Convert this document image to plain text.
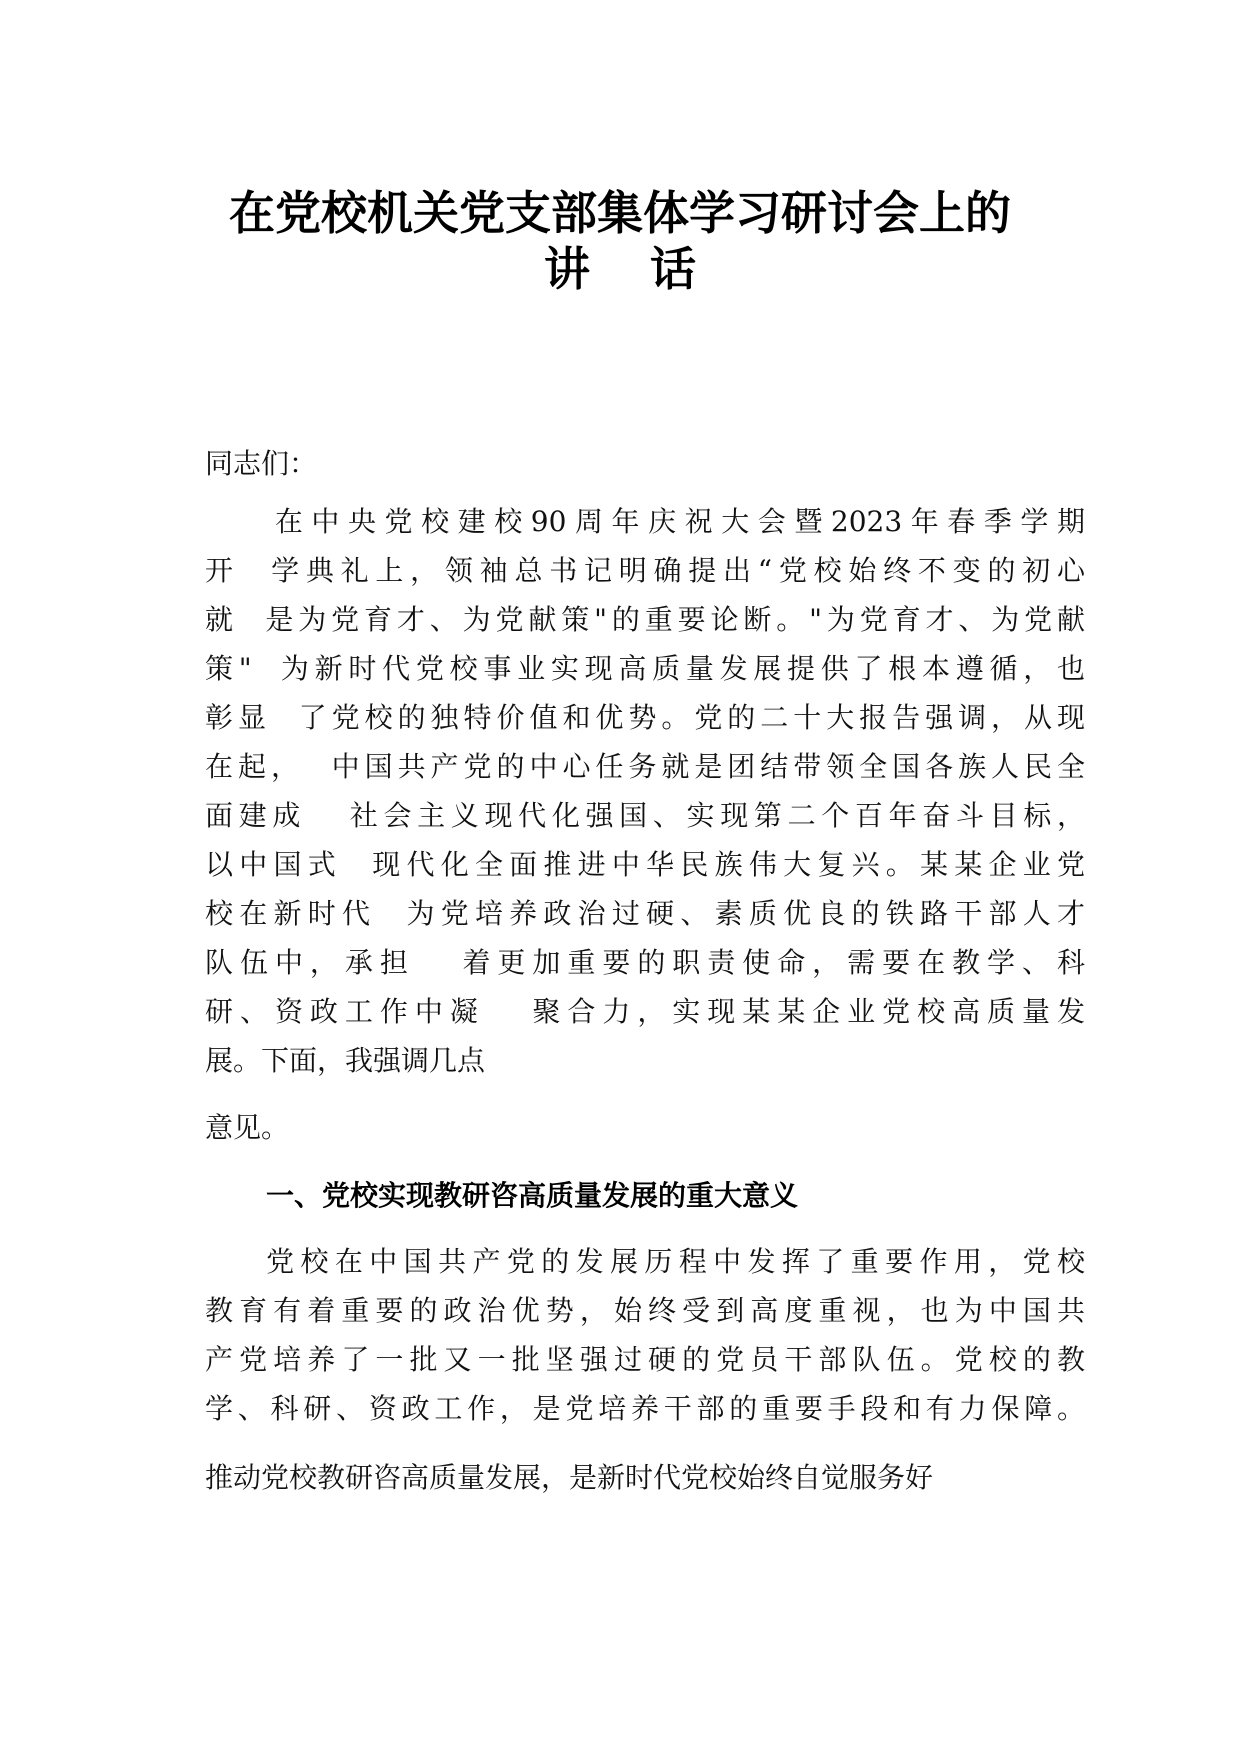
在党校机关党支部集体学习研讨会上的
讲话
同志们：
在中央党校建校90周年庆祝大会暨2023年春季学期
开  学典礼上，领袖总书记明确提出“党校始终不变的初心
就  是为党育才、为党献策"的重要论断。"为党育才、为党献
策"  为新时代党校事业实现高质量发展提供了根本遵循，也
彰显  了党校的独特价值和优势。党的二十大报告强调，从现
在起，  中国共产党的中心任务就是团结带领全国各族人民全
面建成   社会主义现代化强国、实现第二个百年奋斗目标，
以中国式  现代化全面推进中华民族伟大复兴。某某企业党
校在新时代  为党培养政治过硬、素质优良的铁路干部人才
队伍中，承担   着更加重要的职责使命，需要在教学、科
研、资政工作中凝   聚合力，实现某某企业党校高质量发
展。下面，我强调几点
意见。
一、党校实现教研咨高质量发展的重大意义
党校在中国共产党的发展历程中发挥了重要作用，党校
教育有着重要的政治优势，始终受到高度重视，也为中国共
产党培养了一批又一批坚强过硬的党员干部队伍。党校的教
学、科研、资政工作，是党培养干部的重要手段和有力保障。
推动党校教研咨高质量发展，是新时代党校始终自觉服务好
